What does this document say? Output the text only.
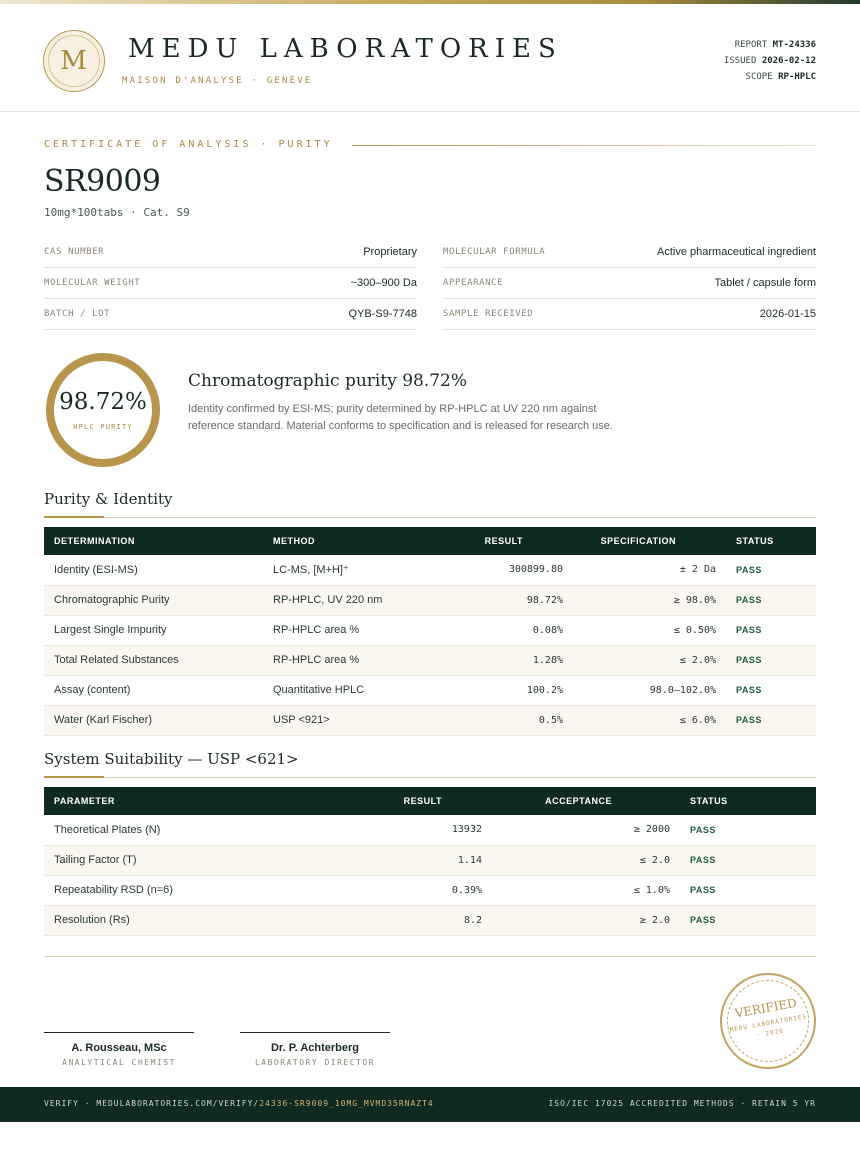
M	MEDU LABORATORIES
MAISON D'ANALYSE · GENÈVE
REPORT MT-24336
ISSUED 2026-02-12
SCOPE RP-HPLC
CERTIFICATE OF ANALYSIS · PURITY
SR9009
10mg*100tabs · Cat. S9
CAS NUMBER	Proprietary
MOLECULAR WEIGHT	~300–900 Da
BATCH / LOT	QYB-S9-7748
MOLECULAR FORMULA	Active pharmaceutical ingredient
APPEARANCE	Tablet / capsule form
SAMPLE RECEIVED	2026-01-15
98.72%
HPLC PURITY
Chromatographic purity 98.72%
Identity confirmed by ESI-MS; purity determined by RP-HPLC at UV 220 nm against reference standard. Material conforms to specification and is released for research use.
Purity & Identity
DETERMINATION	METHOD	RESULT	SPECIFICATION	STATUS
Identity (ESI-MS)	LC-MS, [M+H]⁺	300899.80	± 2 Da	PASS
Chromatographic Purity	RP-HPLC, UV 220 nm	98.72%	≥ 98.0%	PASS
Largest Single Impurity	RP-HPLC area %	0.08%	≤ 0.50%	PASS
Total Related Substances	RP-HPLC area %	1.28%	≤ 2.0%	PASS
Assay (content)	Quantitative HPLC	100.2%	98.0–102.0%	PASS
Water (Karl Fischer)	USP <921>	0.5%	≤ 6.0%	PASS
System Suitability — USP <621>
PARAMETER	RESULT	ACCEPTANCE	STATUS
Theoretical Plates (N)	13932	≥ 2000	PASS
Tailing Factor (T)	1.14	≤ 2.0	PASS
Repeatability RSD (n=6)	0.39%	≤ 1.0%	PASS
Resolution (Rs)	8.2	≥ 2.0	PASS
A. Rousseau, MSc
ANALYTICAL CHEMIST
Dr. P. Achterberg
LABORATORY DIRECTOR
VERIFIED
MEDU LABORATORIES · 2026
VERIFY · MEDULABORATORIES.COM/VERIFY/24336-SR9009_10MG_MVMD35RNAZT4	ISO/IEC 17025 ACCREDITED METHODS · RETAIN 5 YR
